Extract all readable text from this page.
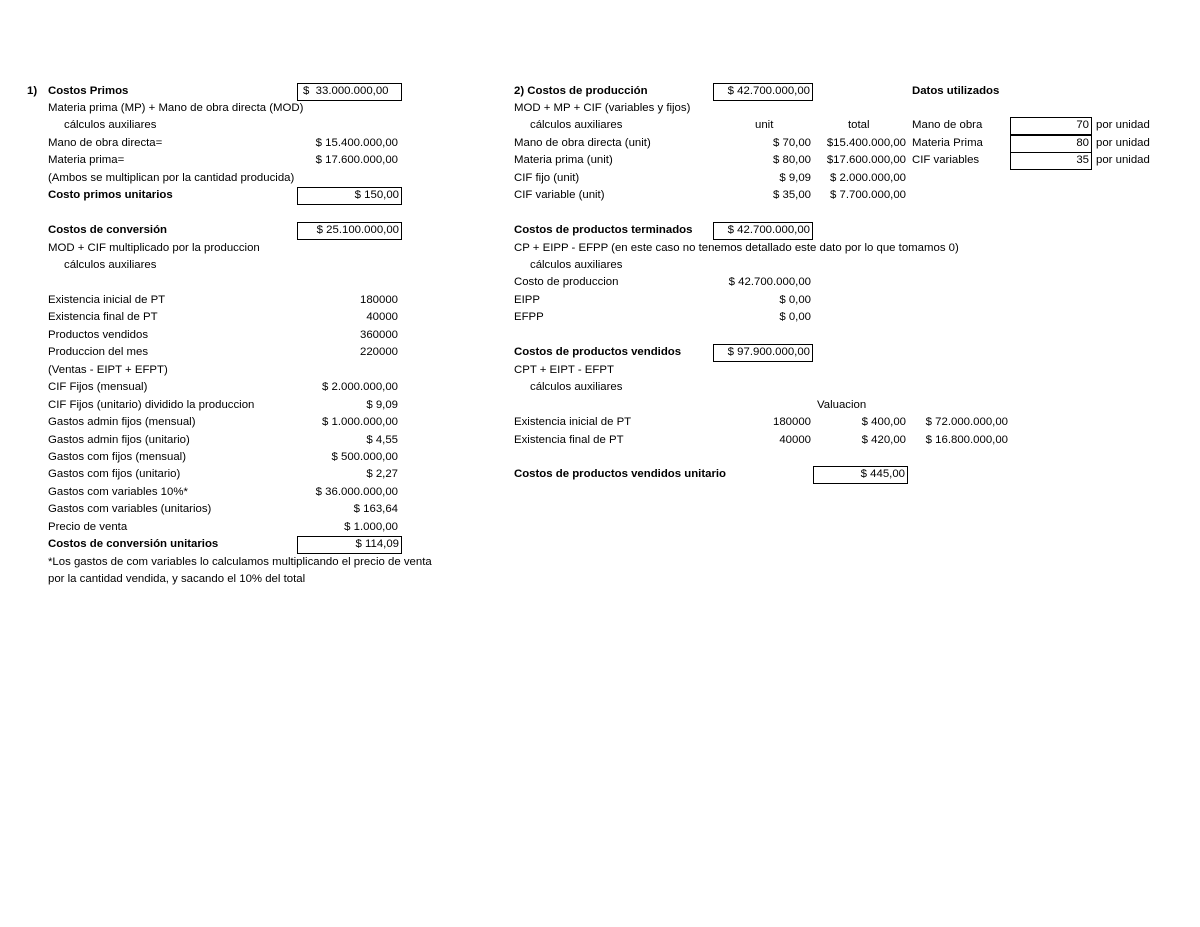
1) Costos Primos	$  33.000.000,00
Materia prima (MP) + Mano de obra directa (MOD)
cálculos auxiliares
Mano de obra directa=	$ 15.400.000,00
Materia prima=	$ 17.600.000,00
(Ambos se multiplican por la cantidad producida)
Costo primos unitarios	$ 150,00
Costos de conversión	$ 25.100.000,00
MOD + CIF multiplicado por la produccion
cálculos auxiliares
Existencia inicial de PT	180000
Existencia final de PT	40000
Productos vendidos	360000
Produccion del mes	220000
(Ventas - EIPT + EFPT)
CIF Fijos (mensual)	$ 2.000.000,00
CIF Fijos (unitario) dividido la produccion	$ 9,09
Gastos admin fijos (mensual)	$ 1.000.000,00
Gastos admin fijos (unitario)	$ 4,55
Gastos com fijos (mensual)	$ 500.000,00
Gastos com fijos (unitario)	$ 2,27
Gastos com variables 10%*	$ 36.000.000,00
Gastos com variables (unitarios)	$ 163,64
Precio de venta	$ 1.000,00
Costos de conversión unitarios	$ 114,09
*Los gastos de com variables lo calculamos multiplicando el precio de venta
por la cantidad vendida, y sacando el 10% del total
2) Costos de producción	$ 42.700.000,00
MOD + MP + CIF (variables y fijos)
cálculos auxiliares	unit	total
Mano de obra directa (unit)	$ 70,00 $15.400.000,00
Materia prima (unit)	$ 80,00 $17.600.000,00
CIF fijo (unit)	$ 9,09 $ 2.000.000,00
CIF variable (unit)	$ 35,00 $ 7.700.000,00
Costos de productos terminados	$ 42.700.000,00
CP + EIPP - EFPP (en este caso no tenemos detallado este dato por lo que tomamos 0)
cálculos auxiliares
Costo de produccion	$ 42.700.000,00
EIPP	$ 0,00
EFPP	$ 0,00
Costos de productos vendidos	$ 97.900.000,00
CPT + EIPT - EFPT
cálculos auxiliares
Valuacion
Existencia inicial de PT	180000	$ 400,00 $ 72.000.000,00
Existencia final de PT	40000	$ 420,00 $ 16.800.000,00
Costos de productos vendidos unitario	$ 445,00
Datos utilizados
Mano de obra	70 por unidad
Materia Prima	80 por unidad
CIF variables	35 por unidad
